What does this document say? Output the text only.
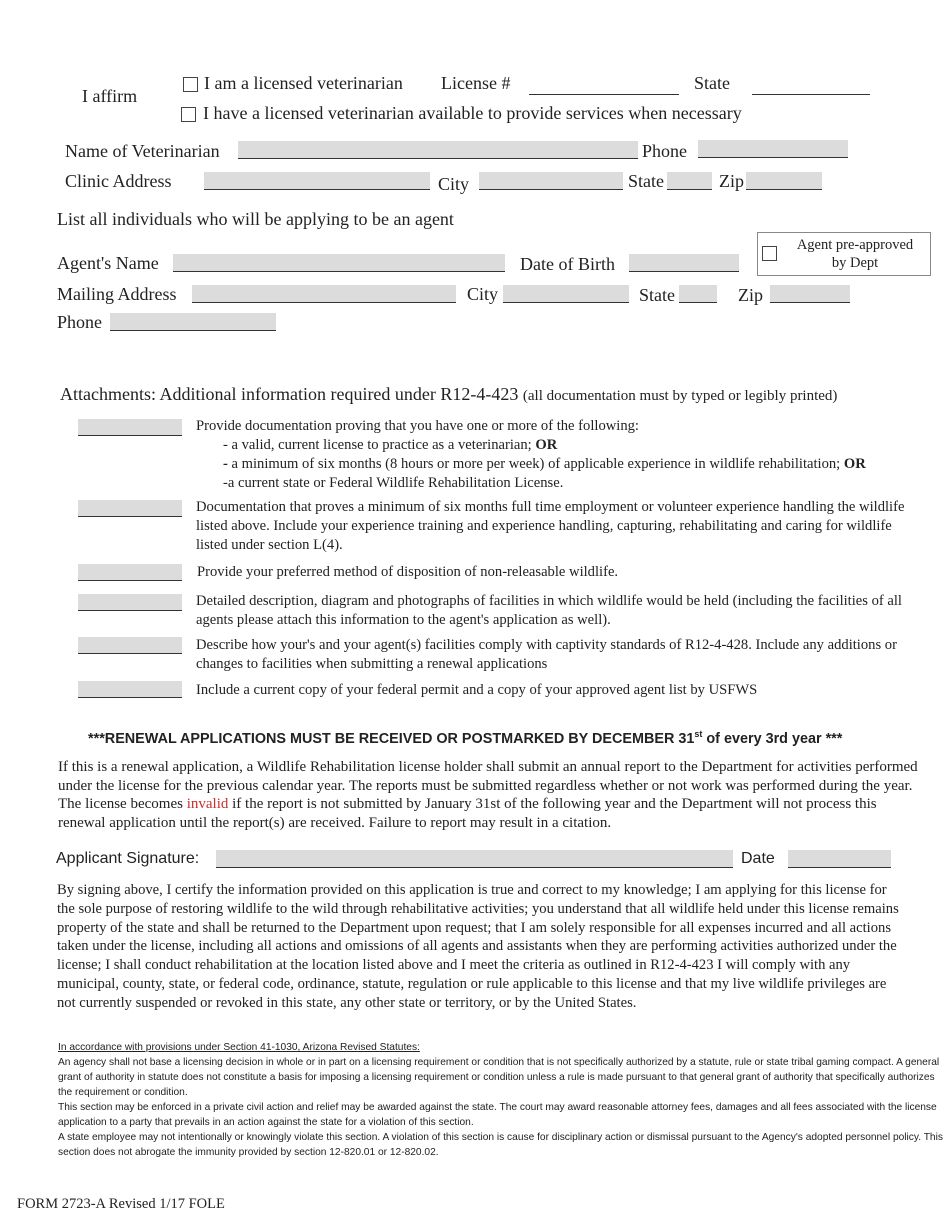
I affirm
I am a licensed veterinarian License #	State
I have a licensed veterinarian available to provide services when necessary
Name of Veterinarian	Phone
Clinic Address	City	State	Zip
List all individuals who will be applying to be an agent
Agent pre-approved
by Dept
Agent's Name	Date of Birth
Mailing Address	City	State	Zip
Phone
Attachments: Additional information required under R12-4-423 (all documentation must by typed or legibly printed)
Provide documentation proving that you have one or more of the following:
- a valid, current license to practice as a veterinarian; OR
- a minimum of six months (8 hours or more per week) of applicable experience in wildlife rehabilitation; OR
-a current state or Federal Wildlife Rehabilitation License.
Documentation that proves a minimum of six months full time employment or volunteer experience handling the wildlife listed above. Include your experience training and experience handling, capturing, rehabilitating and caring for wildlife listed under section L(4).
Provide your preferred method of disposition of non-releasable wildlife.
Detailed description, diagram and photographs of facilities in which wildlife would be held (including the facilities of all agents please attach this information to the agent's application as well).
Describe how your's and your agent(s) facilities comply with captivity standards of R12-4-428. Include any additions or changes to facilities when submitting a renewal applications
Include a current copy of your federal permit and a copy of your approved agent list by USFWS
***RENEWAL APPLICATIONS MUST BE RECEIVED OR POSTMARKED BY DECEMBER 31st of every 3rd year ***
If this is a renewal application, a Wildlife Rehabilitation license holder shall submit an annual report to the Department for activities performed under the license for the previous calendar year. The reports must be submitted regardless whether or not work was performed during the year. The license becomes invalid if the report is not submitted by January 31st of the following year and the Department will not process this renewal application until the report(s) are received. Failure to report may result in a citation.
Applicant Signature:	Date
By signing above, I certify the information provided on this application is true and correct to my knowledge; I am applying for this license for the sole purpose of restoring wildlife to the wild through rehabilitative activities; you understand that all wildlife held under this license remains property of the state and shall be returned to the Department upon request; that I am solely responsible for all expenses incurred and all actions taken under the license, including all actions and omissions of all agents and assistants when they are performing activities authorized under the license; I shall conduct rehabilitation at the location listed above and I meet the criteria as outlined in R12-4-423 I will comply with any municipal, county, state, or federal code, ordinance, statute, regulation or rule applicable to this license and that my live wildlife privileges are not currently suspended or revoked in this state, any other state or territory, or by the United States.
In accordance with provisions under Section 41-1030, Arizona Revised Statutes:
An agency shall not base a licensing decision in whole or in part on a licensing requirement or condition that is not specifically authorized by a statute, rule or state tribal gaming compact. A general grant of authority in statute does not constitute a basis for imposing a licensing requirement or condition unless a rule is made pursuant to that general grant of authority that specifically authorizes the requirement or condition.
This section may be enforced in a private civil action and relief may be awarded against the state. The court may award reasonable attorney fees, damages and all fees associated with the license application to a party that prevails in an action against the state for a violation of this section.
A state employee may not intentionally or knowingly violate this section. A violation of this section is cause for disciplinary action or dismissal pursuant to the Agency's adopted personnel policy. This section does not abrogate the immunity provided by section 12-820.01 or 12-820.02.
FORM 2723-A Revised 1/17 FOLE
